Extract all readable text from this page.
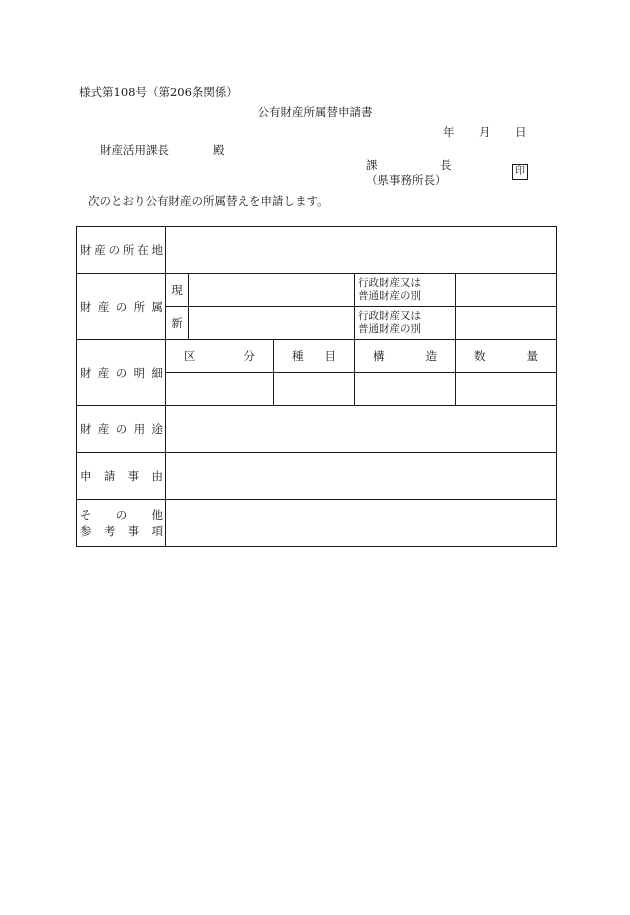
様式第108号（第206条関係）
公有財産所属替申請書
年 月 日
財産活用課長	殿
課	長
（県事務所長）
印
次のとおり公有財産の所属替えを申請します。
財産の所在地					

財産の所属	現			行政財産又は
普通財産の別	

	新			行政財産又は
普通財産の別	

財産の明細	区分		種目	構造	数量

財産の用途					

申請事由					

その他
参考事項					
